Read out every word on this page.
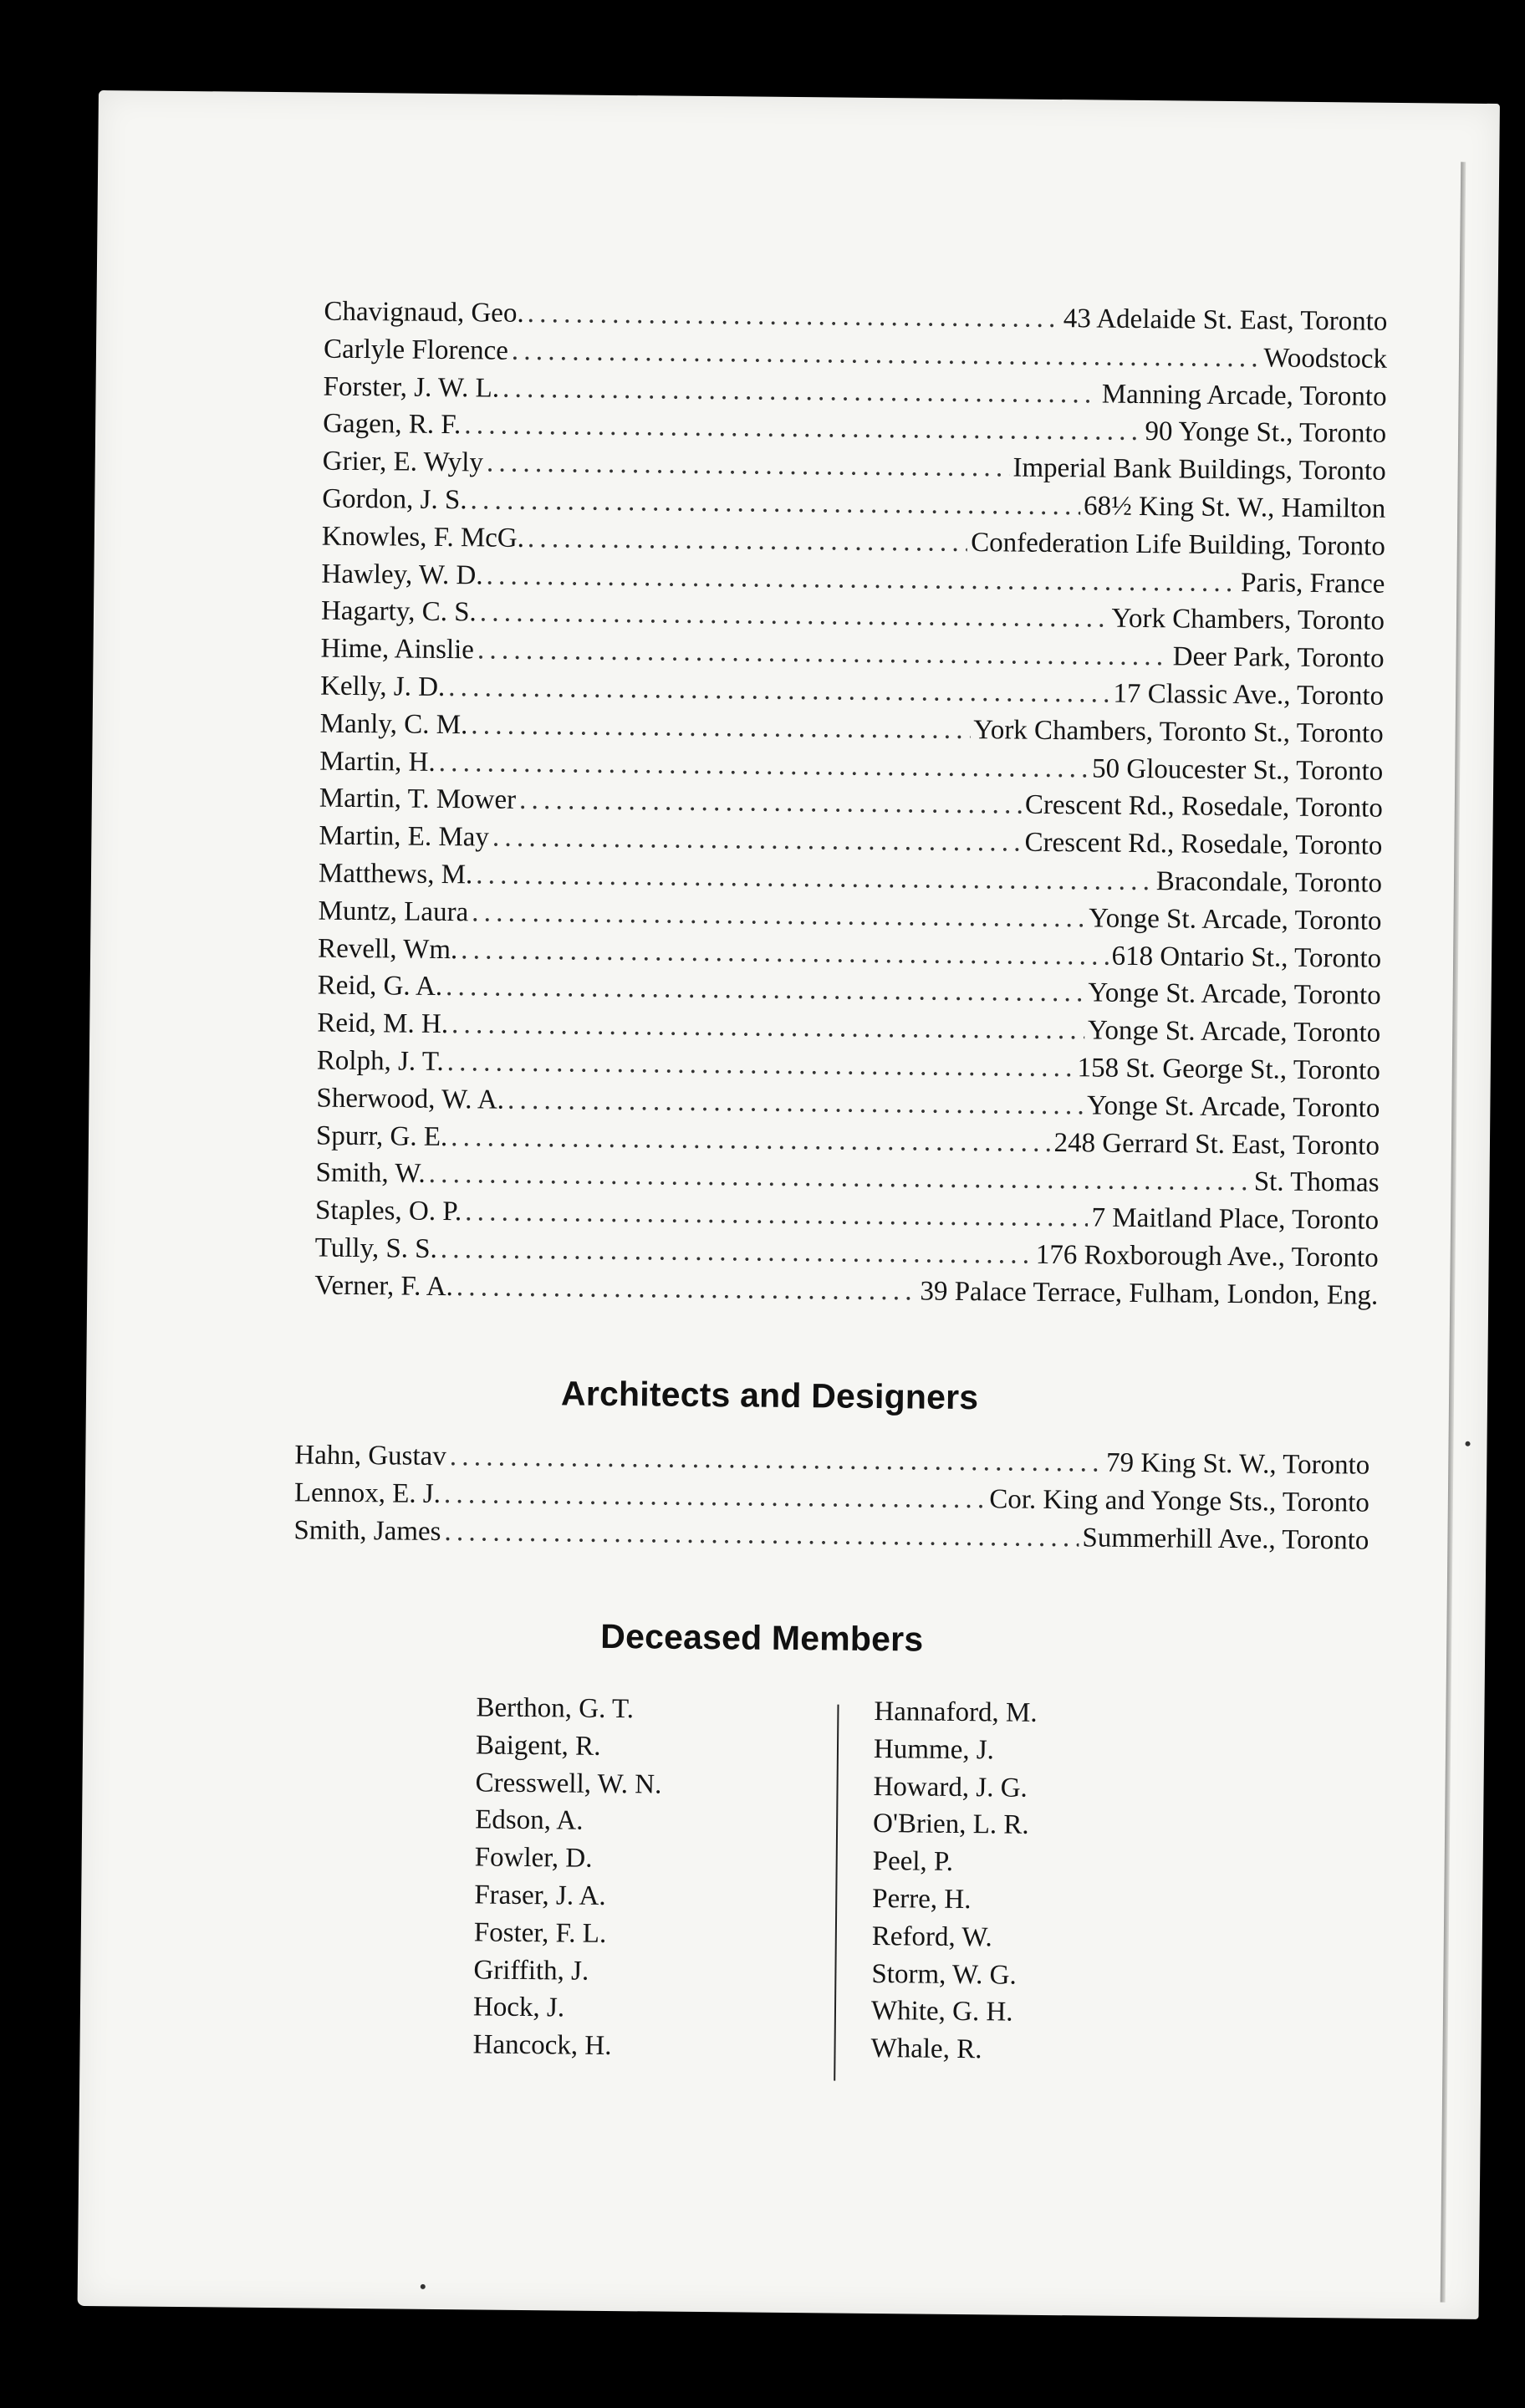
Chavignaud, Geo. . . .	43 Adelaide St. East, Toronto
Carlyle Florence . . .	Woodstock
Forster, J. W. L. . . .	Manning Arcade, Toronto
Gagen, R. F. . . .	90 Yonge St., Toronto
Grier, E. Wyly . . .	Imperial Bank Buildings, Toronto
Gordon, J. S. . . .	68½ King St. W., Hamilton
Knowles, F. McG. . . .	Confederation Life Building, Toronto
Hawley, W. D. . . .	Paris, France
Hagarty, C. S. . . .	York Chambers, Toronto
Hime, Ainslie . . .	Deer Park, Toronto
Kelly, J. D. . . .	17 Classic Ave., Toronto
Manly, C. M. . . .	York Chambers, Toronto St., Toronto
Martin, H. . . .	50 Gloucester St., Toronto
Martin, T. Mower . . .	Crescent Rd., Rosedale, Toronto
Martin, E. May . . .	Crescent Rd., Rosedale, Toronto
Matthews, M. . . .	Bracondale, Toronto
Muntz, Laura . . .	Yonge St. Arcade, Toronto
Revell, Wm. . . .	618 Ontario St., Toronto
Reid, G. A. . . .	Yonge St. Arcade, Toronto
Reid, M. H. . . .	Yonge St. Arcade, Toronto
Rolph, J. T. . . .	158 St. George St., Toronto
Sherwood, W. A. . . .	Yonge St. Arcade, Toronto
Spurr, G. E. . . .	248 Gerrard St. East, Toronto
Smith, W. . . .	St. Thomas
Staples, O. P. . . .	7 Maitland Place, Toronto
Tully, S. S. . . .	176 Roxborough Ave., Toronto
Verner, F. A. . . .	39 Palace Terrace, Fulham, London, Eng.
Architects and Designers
Hahn, Gustav . . .	79 King St. W., Toronto
Lennox, E. J. . . .	Cor. King and Yonge Sts., Toronto
Smith, James . . .	Summerhill Ave., Toronto
Deceased Members
Berthon, G. T.
Baigent, R.
Cresswell, W. N.
Edson, A.
Fowler, D.
Fraser, J. A.
Foster, F. L.
Griffith, J.
Hock, J.
Hancock, H.
Hannaford, M.
Humme, J.
Howard, J. G.
O'Brien, L. R.
Peel, P.
Perre, H.
Reford, W.
Storm, W. G.
White, G. H.
Whale, R.
